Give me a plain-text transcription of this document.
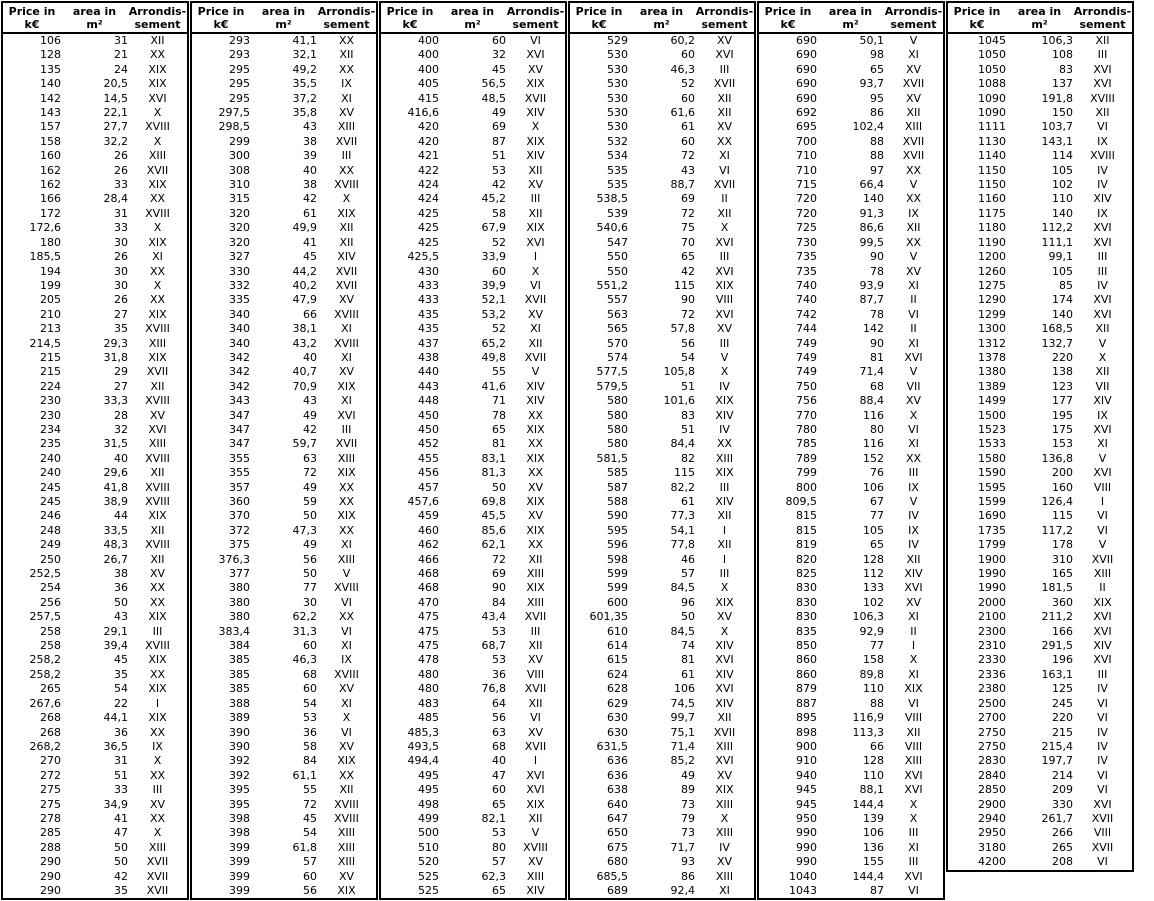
Price in
k€

area in
m²

Arrondis-
sement

106	31	XII
128	21	XX
135	24	XIX
140	20,5	XIX
142	14,5	XVI
143	22,1	X
157	27,7	XVIII
158	32,2	X
160	26	XIII
162	26	XVII
162	33	XIX
166	28,4	XX
172	31	XVIII
172,6	33	X
180	30	XIX
185,5	26	XI
194	30	XX
199	30	X
205	26	XX
210	27	XIX
213	35	XVIII
214,5	29,3	XIII
215	31,8	XIX
215	29	XVII
224	27	XII
230	33,3	XVIII
230	28	XV
234	32	XVI
235	31,5	XIII
240	40	XVIII
240	29,6	XII
245	41,8	XVIII
245	38,9	XVIII
246	44	XIX
248	33,5	XII
249	48,3	XVIII
250	26,7	XII
252,5	38	XV
254	36	XX
256	50	XX
257,5	43	XIX
258	29,1	III
258	39,4	XVIII
258,2	45	XIX
258,2	35	XX
265	54	XIX
267,6	22	I
268	44,1	XIX
268	36	XX
268,2	36,5	IX
270	31	X
272	51	XX
275	33	III
275	34,9	XV
278	41	XX
285	47	X
288	50	XIII
290	50	XVII
290	42	XVII
290	35	XVII
Price in
k€

area in
m²

Arrondis-
sement

293	41,1	XX
293	32,1	XII
295	49,2	XX
295	35,5	IX
295	37,2	XI
297,5	35,8	XV
298,5	43	XIII
299	38	XVII
300	39	III
308	40	XX
310	38	XVIII
315	42	X
320	61	XIX
320	49,9	XII
320	41	XII
327	45	XIV
330	44,2	XVII
332	40,2	XVII
335	47,9	XV
340	66	XVIII
340	38,1	XI
340	43,2	XVIII
342	40	XI
342	40,7	XV
342	70,9	XIX
343	43	XI
347	49	XVI
347	42	III
347	59,7	XVII
355	63	XIII
355	72	XIX
357	49	XX
360	59	XX
370	50	XIX
372	47,3	XX
375	49	XI
376,3	56	XIII
377	50	V
380	77	XVIII
380	30	VI
380	62,2	XX
383,4	31,3	VI
384	60	XI
385	46,3	IX
385	68	XVIII
385	60	XV
388	54	XI
389	53	X
390	36	VI
390	58	XV
392	84	XIX
392	61,1	XX
395	55	XII
395	72	XVIII
398	45	XVIII
398	54	XIII
399	61,8	XIII
399	57	XIII
399	60	XV
399	56	XIX
Price in
k€

area in
m²

Arrondis-
sement

400	60	VI
400	32	XVI
400	45	XV
405	56,5	XIX
415	48,5	XVII
416,6	49	XIV
420	69	X
420	87	XIX
421	51	XIV
422	53	XII
424	42	XV
424	45,2	III
425	58	XII
425	67,9	XIX
425	52	XVI
425,5	33,9	I
430	60	X
433	39,9	VI
433	52,1	XVII
435	53,2	XV
435	52	XI
437	65,2	XII
438	49,8	XVII
440	55	V
443	41,6	XIV
448	71	XIV
450	78	XX
450	65	XIX
452	81	XX
455	83,1	XIX
456	81,3	XX
457	50	XV
457,6	69,8	XIX
459	45,5	XV
460	85,6	XIX
462	62,1	XX
466	72	XII
468	69	XIII
468	90	XIX
470	84	XIII
475	43,4	XVII
475	53	III
475	68,7	XII
478	53	XV
480	36	VIII
480	76,8	XVII
483	64	XII
485	56	VI
485,3	63	XV
493,5	68	XVII
494,4	40	I
495	47	XVI
495	60	XVI
498	65	XIX
499	82,1	XII
500	53	V
510	80	XVIII
520	57	XV
525	62,3	XIII
525	65	XIV
Price in
k€

area in
m²

Arrondis-
sement

529	60,2	XV
530	60	XVI
530	46,3	III
530	52	XVII
530	60	XII
530	61,6	XII
530	61	XV
532	60	XX
534	72	XI
535	43	VI
535	88,7	XVII
538,5	69	II
539	72	XII
540,6	75	X
547	70	XVI
550	65	III
550	42	XVI
551,2	115	XIX
557	90	VIII
563	72	XVI
565	57,8	XV
570	56	III
574	54	V
577,5	105,8	X
579,5	51	IV
580	101,6	XIX
580	83	XIV
580	51	IV
580	84,4	XX
581,5	82	XIII
585	115	XIX
587	82,2	III
588	61	XIV
590	77,3	XII
595	54,1	I
596	77,8	XII
598	46	I
599	57	III
599	84,5	X
600	96	XIX
601,35	50	XV
610	84,5	X
614	74	XIV
615	81	XVI
624	61	XIV
628	106	XVI
629	74,5	XIV
630	99,7	XII
630	75,1	XVII
631,5	71,4	XIII
636	85,2	XVI
636	49	XV
638	89	XIX
640	73	XIII
647	79	X
650	73	XIII
675	71,7	IV
680	93	XV
685,5	86	XIII
689	92,4	XI
Price in
k€

area in
m²

Arrondis-
sement

690	50,1	V
690	98	XI
690	65	XV
690	93,7	XVII
690	95	XV
692	86	XII
695	102,4	XIII
700	88	XVII
710	88	XVII
710	97	XX
715	66,4	V
720	140	XX
720	91,3	IX
725	86,6	XII
730	99,5	XX
735	90	V
735	78	XV
740	93,9	XI
740	87,7	II
742	78	VI
744	142	II
749	90	XI
749	81	XVI
749	71,4	V
750	68	VII
756	88,4	XV
770	116	X
780	80	VI
785	116	XI
789	152	XX
799	76	III
800	106	IX
809,5	67	V
815	77	IV
815	105	IX
819	65	IV
820	128	XII
825	112	XIV
830	133	XVI
830	102	XV
830	106,3	XI
835	92,9	II
850	77	I
860	158	X
860	89,8	XI
879	110	XIX
887	88	VI
895	116,9	VIII
898	113,3	XII
900	66	VIII
910	128	XIII
940	110	XVI
945	88,1	XVI
945	144,4	X
950	139	X
990	106	III
990	136	XI
990	155	III
1040	144,4	XVI
1043	87	VI
Price in
k€

area in
m²

Arrondis-
sement

1045	106,3	XII
1050	108	III
1050	83	XVI
1088	137	XVI
1090	191,8	XVIII
1090	150	XII
1111	103,7	VI
1130	143,1	IX
1140	114	XVIII
1150	105	IV
1150	102	IV
1160	110	XIV
1175	140	IX
1180	112,2	XVI
1190	111,1	XVI
1200	99,1	III
1260	105	III
1275	85	IV
1290	174	XVI
1299	140	XVI
1300	168,5	XII
1312	132,7	V
1378	220	X
1380	138	XII
1389	123	VII
1499	177	XIV
1500	195	IX
1523	175	XVI
1533	153	XI
1580	136,8	V
1590	200	XVI
1595	160	VIII
1599	126,4	I
1690	115	VI
1735	117,2	VI
1799	178	V
1900	310	XVII
1990	165	XIII
1990	181,5	II
2000	360	XIX
2100	211,2	XVI
2300	166	XVI
2310	291,5	XIV
2330	196	XVI
2336	163,1	III
2380	125	IV
2500	245	VI
2700	220	VI
2750	215	IV
2750	215,4	IV
2830	197,7	IV
2840	214	VI
2850	209	VI
2900	330	XVI
2940	261,7	XVII
2950	266	VIII
3180	265	XVII
4200	208	VI
